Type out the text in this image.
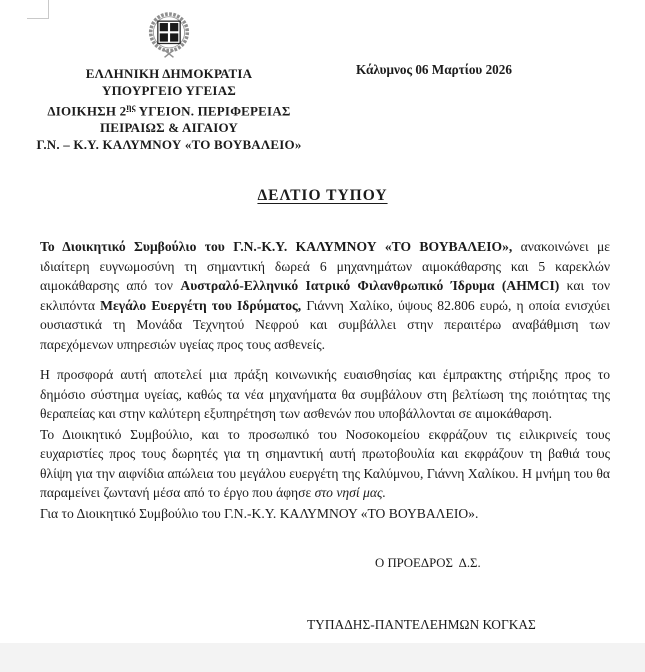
ΕΛΛΗΝΙΚΗ ΔΗΜΟΚΡΑΤΙΑ
ΥΠΟΥΡΓΕΙΟ ΥΓΕΙΑΣ
ΔΙΟΙΚΗΣΗ $2^{\eta\varsigma}$ ΥΓΕΙΟΝ. ΠΕΡΙΦΕΡΕΙΑΣ
ΠΕΙΡΑΙΩΣ & ΑΙΓΑΙΟΥ
Γ.Ν. – Κ.Υ. ΚΑΛΥΜΝΟΥ «ΤΟ ΒΟΥΒΑΛΕΙΟ»
Κάλυμνος 06 Μαρτίου 2026
ΔΕΛΤΙΟ ΤΥΠΟΥ

Το Διοικητικό Συμβούλιο του Γ.Ν.-Κ.Υ. ΚΑΛΥΜΝΟΥ «ΤΟ ΒΟΥΒΑΛΕΙΟ», ανακοινώνει με ιδιαίτερη ευγνωμοσύνη τη σημαντική δωρεά 6 μηχανημάτων αιμοκάθαρσης και 5 καρεκλών αιμοκάθαρσης από τον Αυστραλό-Ελληνικό Ιατρικό Φιλανθρωπικό Ίδρυμα (AHMCI) και τον εκλιπόντα Μεγάλο Ευεργέτη του Ιδρύματος, Γιάννη Χαλίκο, ύψους 82.806 ευρώ, η οποία ενισχύει ουσιαστικά τη Μονάδα Τεχνητού Νεφρού και συμβάλλει στην περαιτέρω αναβάθμιση των παρεχόμενων υπηρεσιών υγείας προς τους ασθενείς.

Η προσφορά αυτή αποτελεί μια πράξη κοινωνικής ευαισθησίας και έμπρακτης στήριξης προς το δημόσιο σύστημα υγείας, καθώς τα νέα μηχανήματα θα συμβάλουν στη βελτίωση της ποιότητας της θεραπείας και στην καλύτερη εξυπηρέτηση των ασθενών που υποβάλλονται σε αιμοκάθαρση.

Το Διοικητικό Συμβούλιο, και το προσωπικό του Νοσοκομείου εκφράζουν τις ειλικρινείς τους ευχαριστίες προς τους δωρητές για τη σημαντική αυτή πρωτοβουλία και εκφράζουν τη βαθιά τους θλίψη για την αιφνίδια απώλεια του μεγάλου ευεργέτη της Καλύμνου, Γιάννη Χαλίκου. Η μνήμη του θα παραμείνει ζωντανή μέσα από το έργο που άφησε στο νησί μας.

Για το Διοικητικό Συμβούλιο του Γ.Ν.-Κ.Υ. ΚΑΛΥΜΝΟΥ «ΤΟ ΒΟΥΒΑΛΕΙΟ».

Ο ΠΡΟΕΔΡΟΣ  Δ.Σ.
ΤΥΠΑΔΗΣ-ΠΑΝΤΕΛΕΗΜΩΝ ΚΟΓΚΑΣ
